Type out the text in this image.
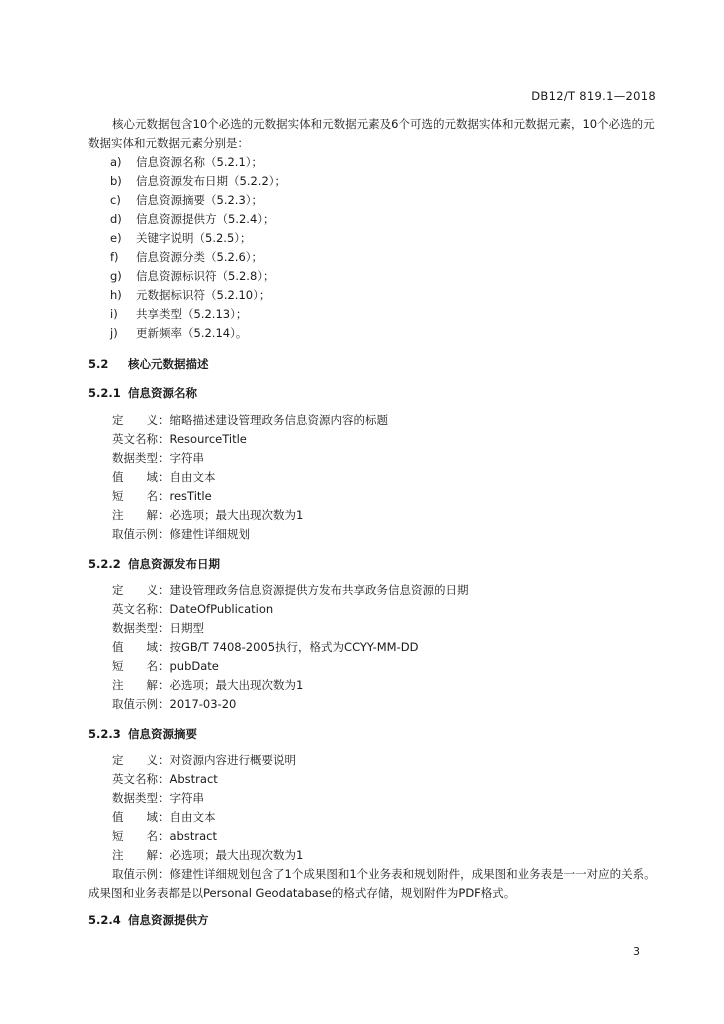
DB12/T 819.1—2018

核心元数据包含10个必选的元数据实体和元数据元素及6个可选的元数据实体和元数据元素，10个必选的元数据实体和元数据元素分别是：

a)	信息资源名称（5.2.1）；
b)	信息资源发布日期（5.2.2）；
c)	信息资源摘要（5.2.3）；
d)	信息资源提供方（5.2.4）；
e)	关键字说明（5.2.5）；
f)	信息资源分类（5.2.6）；
g)	信息资源标识符（5.2.8）；
h)	元数据标识符（5.2.10）；
i)	共享类型（5.2.13）；
j)	更新频率（5.2.14）。
5.2 核心元数据描述
5.2.1 信息资源名称
定　　义：缩略描述建设管理政务信息资源内容的标题
英文名称：ResourceTitle
数据类型：字符串
值　　域：自由文本
短　　名：resTitle
注　　解：必选项；最大出现次数为1
取值示例：修建性详细规划
5.2.2 信息资源发布日期
定　　义：建设管理政务信息资源提供方发布共享政务信息资源的日期
英文名称：DateOfPublication
数据类型：日期型
值　　域：按GB/T 7408-2005执行，格式为CCYY-MM-DD
短　　名：pubDate
注　　解：必选项；最大出现次数为1
取值示例：2017-03-20
5.2.3 信息资源摘要
定　　义：对资源内容进行概要说明
英文名称：Abstract
数据类型：字符串
值　　域：自由文本
短　　名：abstract
注　　解：必选项；最大出现次数为1

取值示例：修建性详细规划包含了1个成果图和1个业务表和规划附件，成果图和业务表是一一对应的关系。成果图和业务表都是以Personal Geodatabase的格式存储，规划附件为PDF格式。

5.2.4 信息资源提供方
3
